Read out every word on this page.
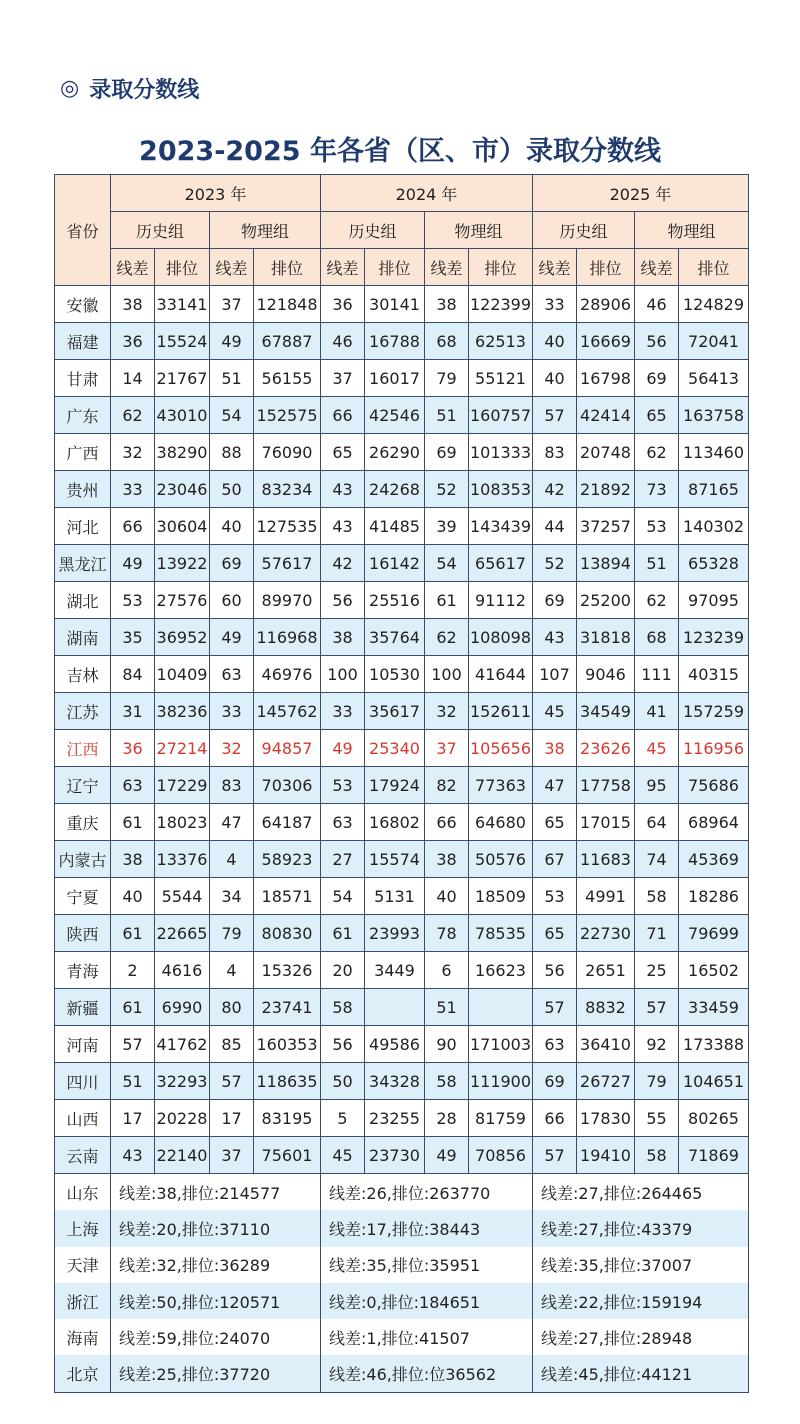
◎ 录取分数线
2023-2025 年各省（区、市）录取分数线
省份	2023 年				2024 年				2025 年			
	历史组		物理组		历史组		物理组		历史组		物理组	
	线差	排位	线差	排位	线差	排位	线差	排位	线差	排位	线差	排位
安徽	38	33141	37	121848	36	30141	38	122399	33	28906	46	124829
福建	36	15524	49	67887	46	16788	68	62513	40	16669	56	72041
甘肃	14	21767	51	56155	37	16017	79	55121	40	16798	69	56413
广东	62	43010	54	152575	66	42546	51	160757	57	42414	65	163758
广西	32	38290	88	76090	65	26290	69	101333	83	20748	62	113460
贵州	33	23046	50	83234	43	24268	52	108353	42	21892	73	87165
河北	66	30604	40	127535	43	41485	39	143439	44	37257	53	140302
黑龙江	49	13922	69	57617	42	16142	54	65617	52	13894	51	65328
湖北	53	27576	60	89970	56	25516	61	91112	69	25200	62	97095
湖南	35	36952	49	116968	38	35764	62	108098	43	31818	68	123239
吉林	84	10409	63	46976	100	10530	100	41644	107	9046	111	40315
江苏	31	38236	33	145762	33	35617	32	152611	45	34549	41	157259
江西	36	27214	32	94857	49	25340	37	105656	38	23626	45	116956
辽宁	63	17229	83	70306	53	17924	82	77363	47	17758	95	75686
重庆	61	18023	47	64187	63	16802	66	64680	65	17015	64	68964
内蒙古	38	13376	4	58923	27	15574	38	50576	67	11683	74	45369
宁夏	40	5544	34	18571	54	5131	40	18509	53	4991	58	18286
陕西	61	22665	79	80830	61	23993	78	78535	65	22730	71	79699
青海	2	4616	4	15326	20	3449	6	16623	56	2651	25	16502
新疆	61	6990	80	23741	58		51		57	8832	57	33459
河南	57	41762	85	160353	56	49586	90	171003	63	36410	92	173388
四川	51	32293	57	118635	50	34328	58	111900	69	26727	79	104651
山西	17	20228	17	83195	5	23255	28	81759	66	17830	55	80265
云南	43	22140	37	75601	45	23730	49	70856	57	19410	58	71869
山东	线差:38,排位:214577				线差:26,排位:263770				线差:27,排位:264465			
上海	线差:20,排位:37110				线差:17,排位:38443				线差:27,排位:43379			
天津	线差:32,排位:36289				线差:35,排位:35951				线差:35,排位:37007			
浙江	线差:50,排位:120571				线差:0,排位:184651				线差:22,排位:159194			
海南	线差:59,排位:24070				线差:1,排位:41507				线差:27,排位:28948			
北京	线差:25,排位:37720				线差:46,排位:位36562				线差:45,排位:44121			
